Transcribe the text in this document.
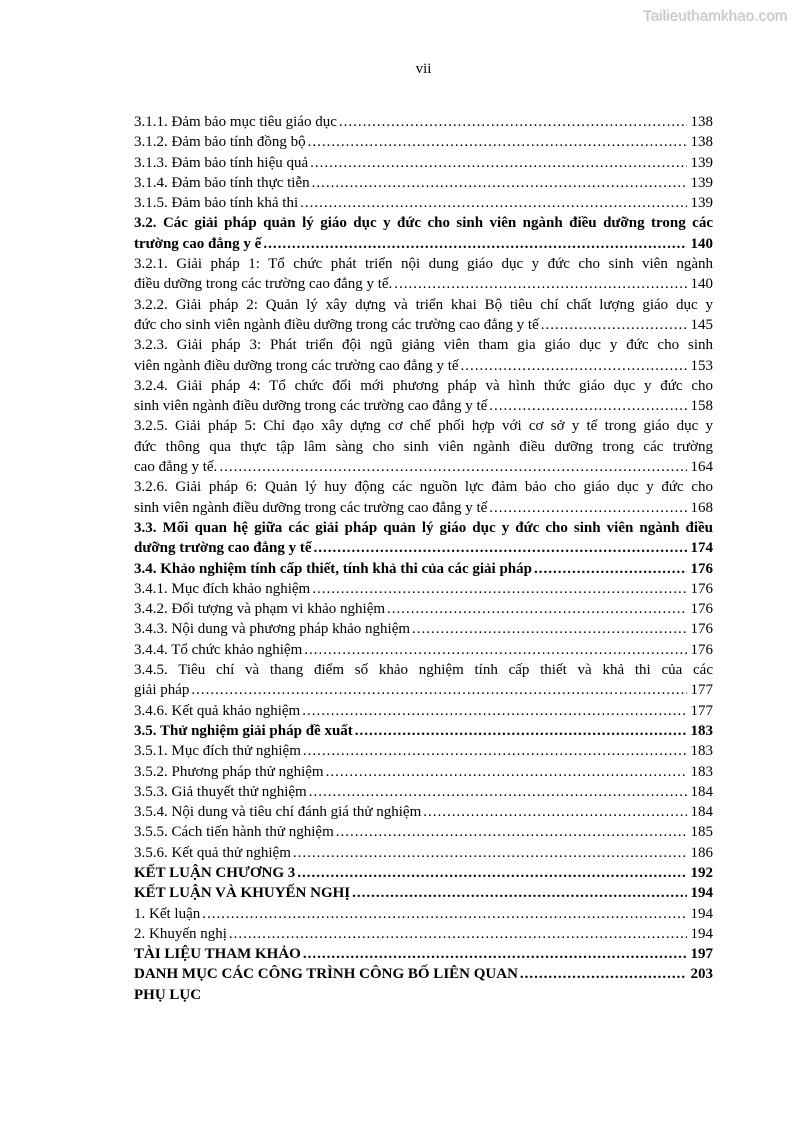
Tailieuthamkhao.com
vii
3.1.1. Đảm bảo mục tiêu giáo dục .....	138
3.1.2. Đảm bảo tính đồng bộ .....	138
3.1.3. Đảm bảo tính hiệu quả .....	139
3.1.4. Đảm bảo tính thực tiễn .....	139
3.1.5. Đảm bảo tính khả thi .....	139
3.2. Các giải pháp quản lý giáo dục y đức cho sinh viên ngành điều dưỡng trong các
trường cao đẳng y ế .....	140
3.2.1. Giải pháp 1: Tổ chức phát triển nội dung giáo dục y đức cho sinh viên ngành
điều dưỡng trong các trường cao đẳng y tế. .....	140
3.2.2. Giải pháp 2: Quản lý xây dựng và triển khai Bộ tiêu chí chất lượng giáo dục y
đức cho sinh viên ngành điều dưỡng trong các trường cao đẳng y tế .....	145
3.2.3. Giải pháp 3: Phát triển đội ngũ giảng viên tham gia giáo dục y đức cho sinh
viên ngành điều dưỡng trong các trường cao đẳng y tế .....	153
3.2.4. Giải pháp 4: Tổ chức đổi mới phương pháp và hình thức giáo dục y đức cho
sinh viên ngành điều dưỡng trong các trường cao đẳng y tế .....	158
3.2.5. Giải pháp 5: Chỉ đạo xây dựng cơ chế phối hợp với cơ sở y tế trong giáo dục y
đức thông qua thực tập lâm sàng cho sinh viên ngành điều dưỡng trong các trường
cao đẳng y tế. .....	164
3.2.6. Giải pháp 6: Quản lý huy động các nguồn lực đảm bảo cho giáo dục y đức cho
sinh viên ngành điều dưỡng trong các trường cao đẳng y tế .....	168
3.3. Mối quan hệ giữa các giải pháp quản lý giáo dục y đức cho sinh viên ngành điều
dưỡng trường cao đẳng y tế .....	174
3.4. Khảo nghiệm tính cấp thiết, tính khả thi của các giải pháp .....	176
3.4.1. Mục đích khảo nghiệm .....	176
3.4.2. Đối tượng và phạm vi khảo nghiệm .....	176
3.4.3. Nội dung và phương pháp khảo nghiệm .....	176
3.4.4. Tổ chức khảo nghiệm .....	176
3.4.5. Tiêu chí và thang điểm số khảo nghiệm tính cấp thiết và khả thi của các
giải pháp .....	177
3.4.6. Kết quả khảo nghiệm .....	177
3.5. Thử nghiệm giải pháp đề xuất .....	183
3.5.1. Mục đích thử nghiệm .....	183
3.5.2. Phương pháp thử nghiệm .....	183
3.5.3. Giả thuyết thử nghiệm .....	184
3.5.4. Nội dung và tiêu chí đánh giá thử nghiệm .....	184
3.5.5. Cách tiến hành thử nghiệm .....	185
3.5.6. Kết quả thử nghiệm .....	186
KẾT LUẬN CHƯƠNG 3 .....	192
KẾT LUẬN VÀ KHUYẾN NGHỊ .....	194
1. Kết luận .....	194
2. Khuyến nghị .....	194
TÀI LIỆU THAM KHẢO .....	197
DANH MỤC CÁC CÔNG TRÌNH CÔNG BỐ LIÊN QUAN .....	203
PHỤ LỤC
